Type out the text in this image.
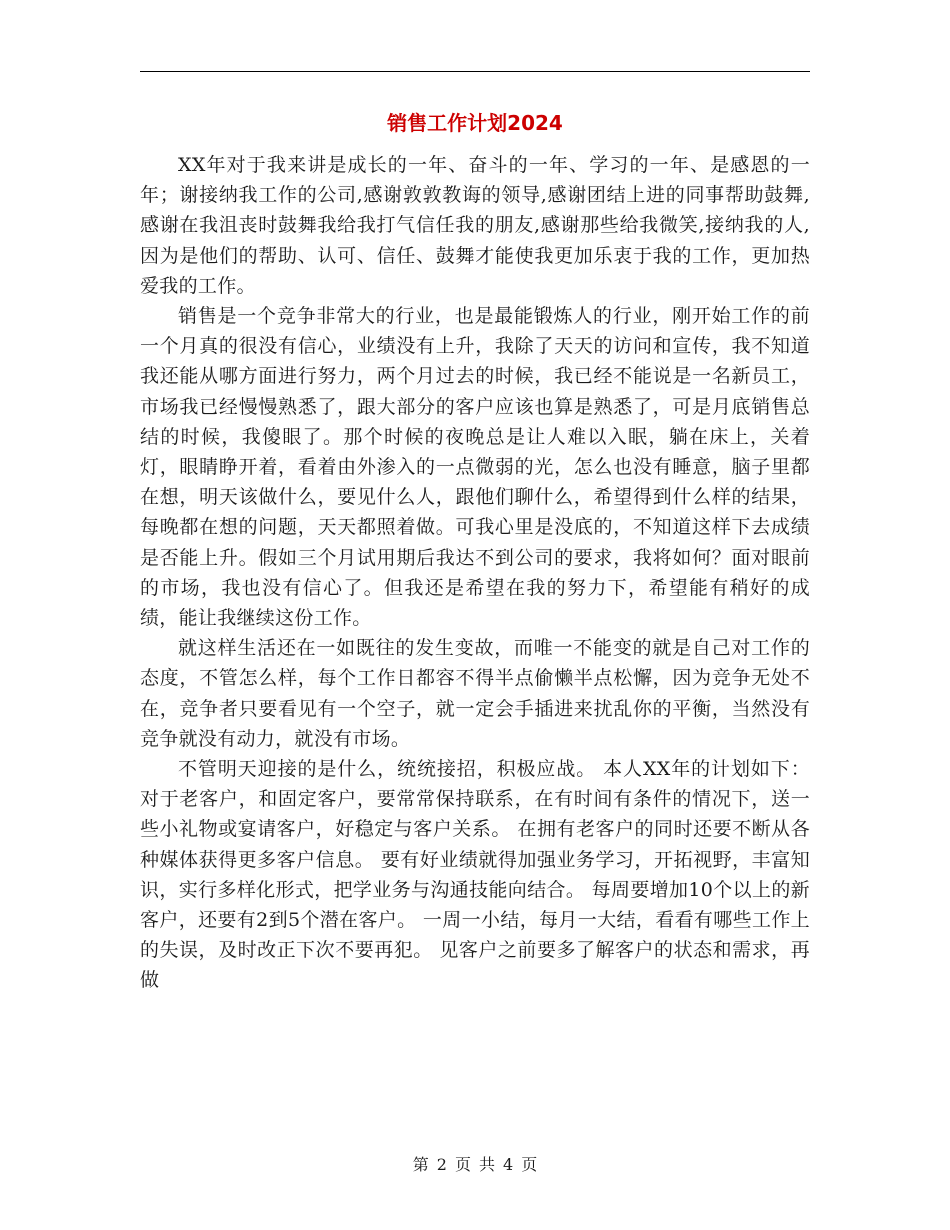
销售工作计划2024

XX年对于我来讲是成长的一年、奋斗的一年、学习的一年、是感恩的一年；谢接纳我工作的公司,感谢敦敦教诲的领导,感谢团结上进的同事帮助鼓舞,感谢在我沮丧时鼓舞我给我打气信任我的朋友,感谢那些给我微笑,接纳我的人,因为是他们的帮助、认可、信任、鼓舞才能使我更加乐衷于我的工作，更加热爱我的工作。

销售是一个竞争非常大的行业，也是最能锻炼人的行业，刚开始工作的前一个月真的很没有信心，业绩没有上升，我除了天天的访问和宣传，我不知道我还能从哪方面进行努力，两个月过去的时候，我已经不能说是一名新员工，市场我已经慢慢熟悉了，跟大部分的客户应该也算是熟悉了，可是月底销售总结的时候，我傻眼了。那个时候的夜晚总是让人难以入眠，躺在床上，关着灯，眼睛睁开着，看着由外渗入的一点微弱的光，怎么也没有睡意，脑子里都在想，明天该做什么，要见什么人，跟他们聊什么，希望得到什么样的结果，每晚都在想的问题，天天都照着做。可我心里是没底的，不知道这样下去成绩是否能上升。假如三个月试用期后我达不到公司的要求，我将如何？面对眼前的市场，我也没有信心了。但我还是希望在我的努力下，希望能有稍好的成绩，能让我继续这份工作。

就这样生活还在一如既往的发生变故，而唯一不能变的就是自己对工作的态度，不管怎么样，每个工作日都容不得半点偷懒半点松懈，因为竞争无处不在，竞争者只要看见有一个空子，就一定会手插进来扰乱你的平衡，当然没有竞争就没有动力，就没有市场。

不管明天迎接的是什么，统统接招，积极应战。 本人XX年的计划如下： 对于老客户，和固定客户，要常常保持联系，在有时间有条件的情况下，送一些小礼物或宴请客户，好稳定与客户关系。 在拥有老客户的同时还要不断从各种媒体获得更多客户信息。 要有好业绩就得加强业务学习，开拓视野，丰富知识，实行多样化形式，把学业务与沟通技能向结合。 每周要增加10个以上的新客户，还要有2到5个潜在客户。 一周一小结，每月一大结，看看有哪些工作上的失误，及时改正下次不要再犯。 见客户之前要多了解客户的状态和需求，再做

第 2 页 共 4 页
